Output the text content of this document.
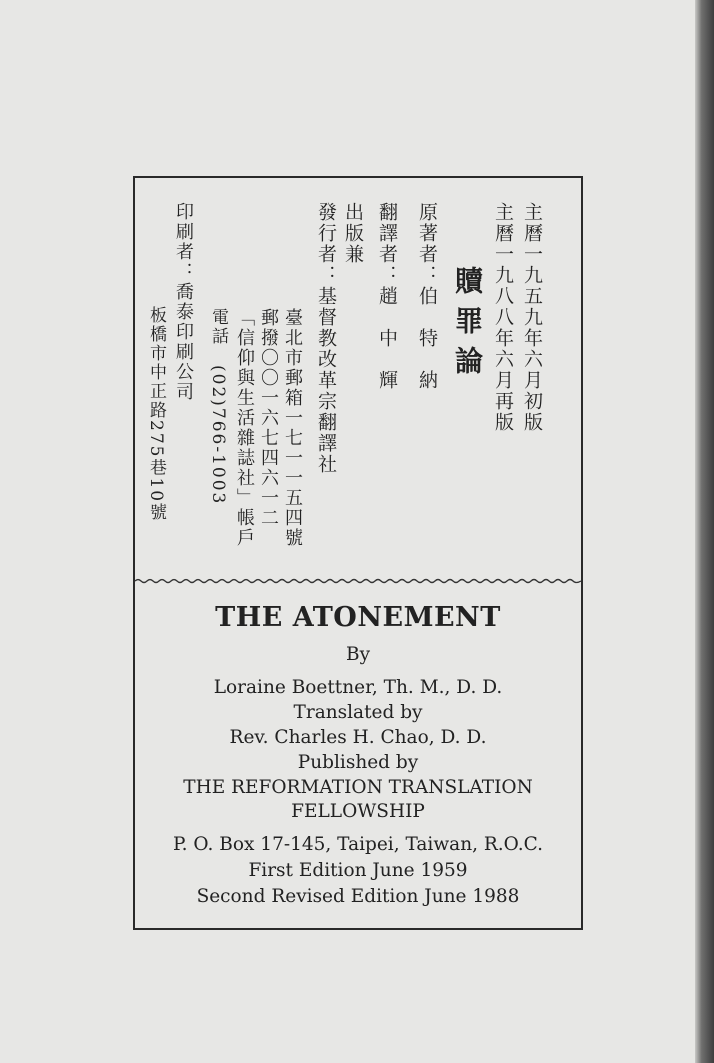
主曆一九五九年六月初版
主曆一九八八年六月再版
贖罪論
原著者：伯　特　納
翻譯者：趙　中　輝
出版兼
發行者：基督教改革宗翻譯社
臺北市郵箱一七一一五四號
郵撥〇〇一六七四六一二
「信仰與生活雜誌社」帳戶
電話　(02)766-1003
印刷者：喬泰印刷公司
板橋市中正路275巷10號
THE ATONEMENT
By
Loraine Boettner, Th. M., D. D.
Translated by
Rev. Charles H. Chao, D. D.
Published by
THE REFORMATION TRANSLATION
FELLOWSHIP
P. O. Box 17-145, Taipei, Taiwan, R.O.C.
First Edition June 1959
Second Revised Edition June 1988
